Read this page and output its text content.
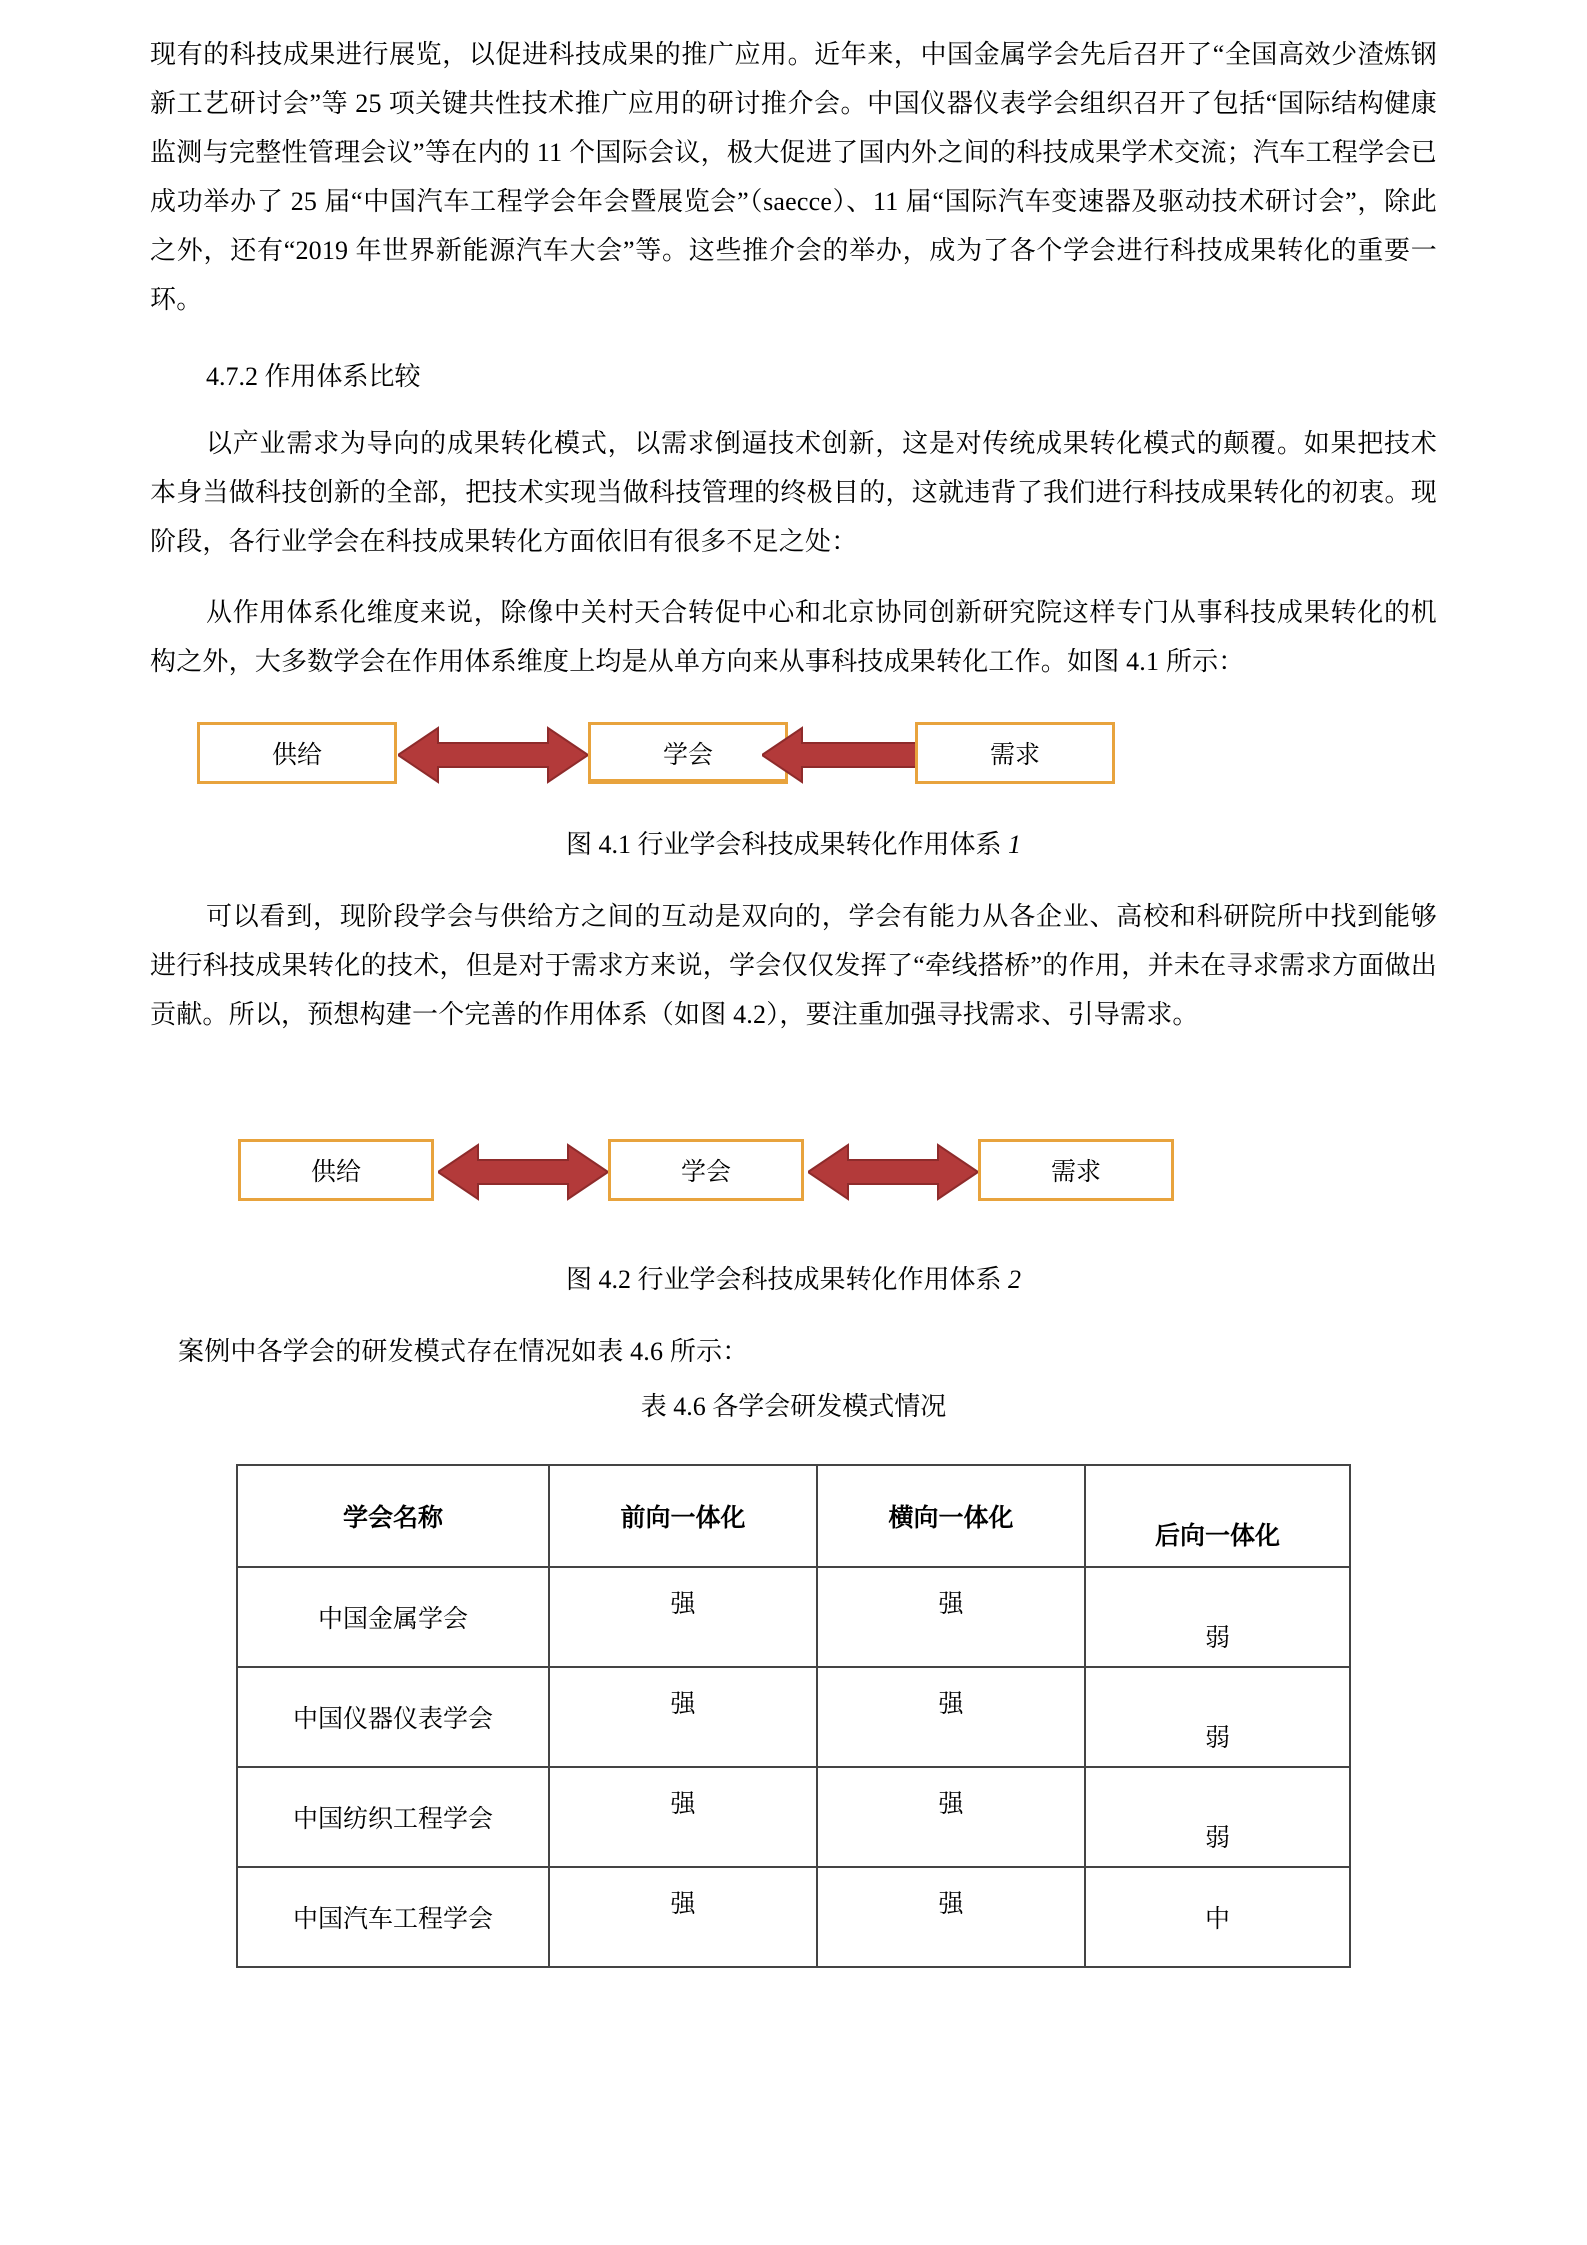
现有的科技成果进行展览，以促进科技成果的推广应用。近年来，中国金属学会先后召开了“全国高效少渣炼钢新工艺研讨会”等 25 项关键共性技术推广应用的研讨推介会。中国仪器仪表学会组织召开了包括“国际结构健康监测与完整性管理会议”等在内的 11 个国际会议，极大促进了国内外之间的科技成果学术交流；汽车工程学会已成功举办了 25 届“中国汽车工程学会年会暨展览会”（saecce）、11 届“国际汽车变速器及驱动技术研讨会”，除此之外，还有“2019 年世界新能源汽车大会”等。这些推介会的举办，成为了各个学会进行科技成果转化的重要一环。

4.7.2 作用体系比较

以产业需求为导向的成果转化模式，以需求倒逼技术创新，这是对传统成果转化模式的颠覆。如果把技术本身当做科技创新的全部，把技术实现当做科技管理的终极目的，这就违背了我们进行科技成果转化的初衷。现阶段，各行业学会在科技成果转化方面依旧有很多不足之处：

从作用体系化维度来说，除像中关村天合转促中心和北京协同创新研究院这样专门从事科技成果转化的机构之外，大多数学会在作用体系维度上均是从单方向来从事科技成果转化工作。如图 4.1 所示：

供给	学会	需求

图 4.1 行业学会科技成果转化作用体系 1

可以看到，现阶段学会与供给方之间的互动是双向的，学会有能力从各企业、高校和科研院所中找到能够进行科技成果转化的技术，但是对于需求方来说，学会仅仅发挥了“牵线搭桥”的作用，并未在寻求需求方面做出贡献。所以，预想构建一个完善的作用体系（如图 4.2），要注重加强寻找需求、引导需求。

供给	学会	需求

图 4.2 行业学会科技成果转化作用体系 2

案例中各学会的研发模式存在情况如表 4.6 所示：

表 4.6 各学会研发模式情况

学会名称	前向一体化	横向一体化	后向一体化

中国金属学会	强	强	弱

中国仪器仪表学会	强	强	弱

中国纺织工程学会	强	强	弱

中国汽车工程学会	强	强	中
